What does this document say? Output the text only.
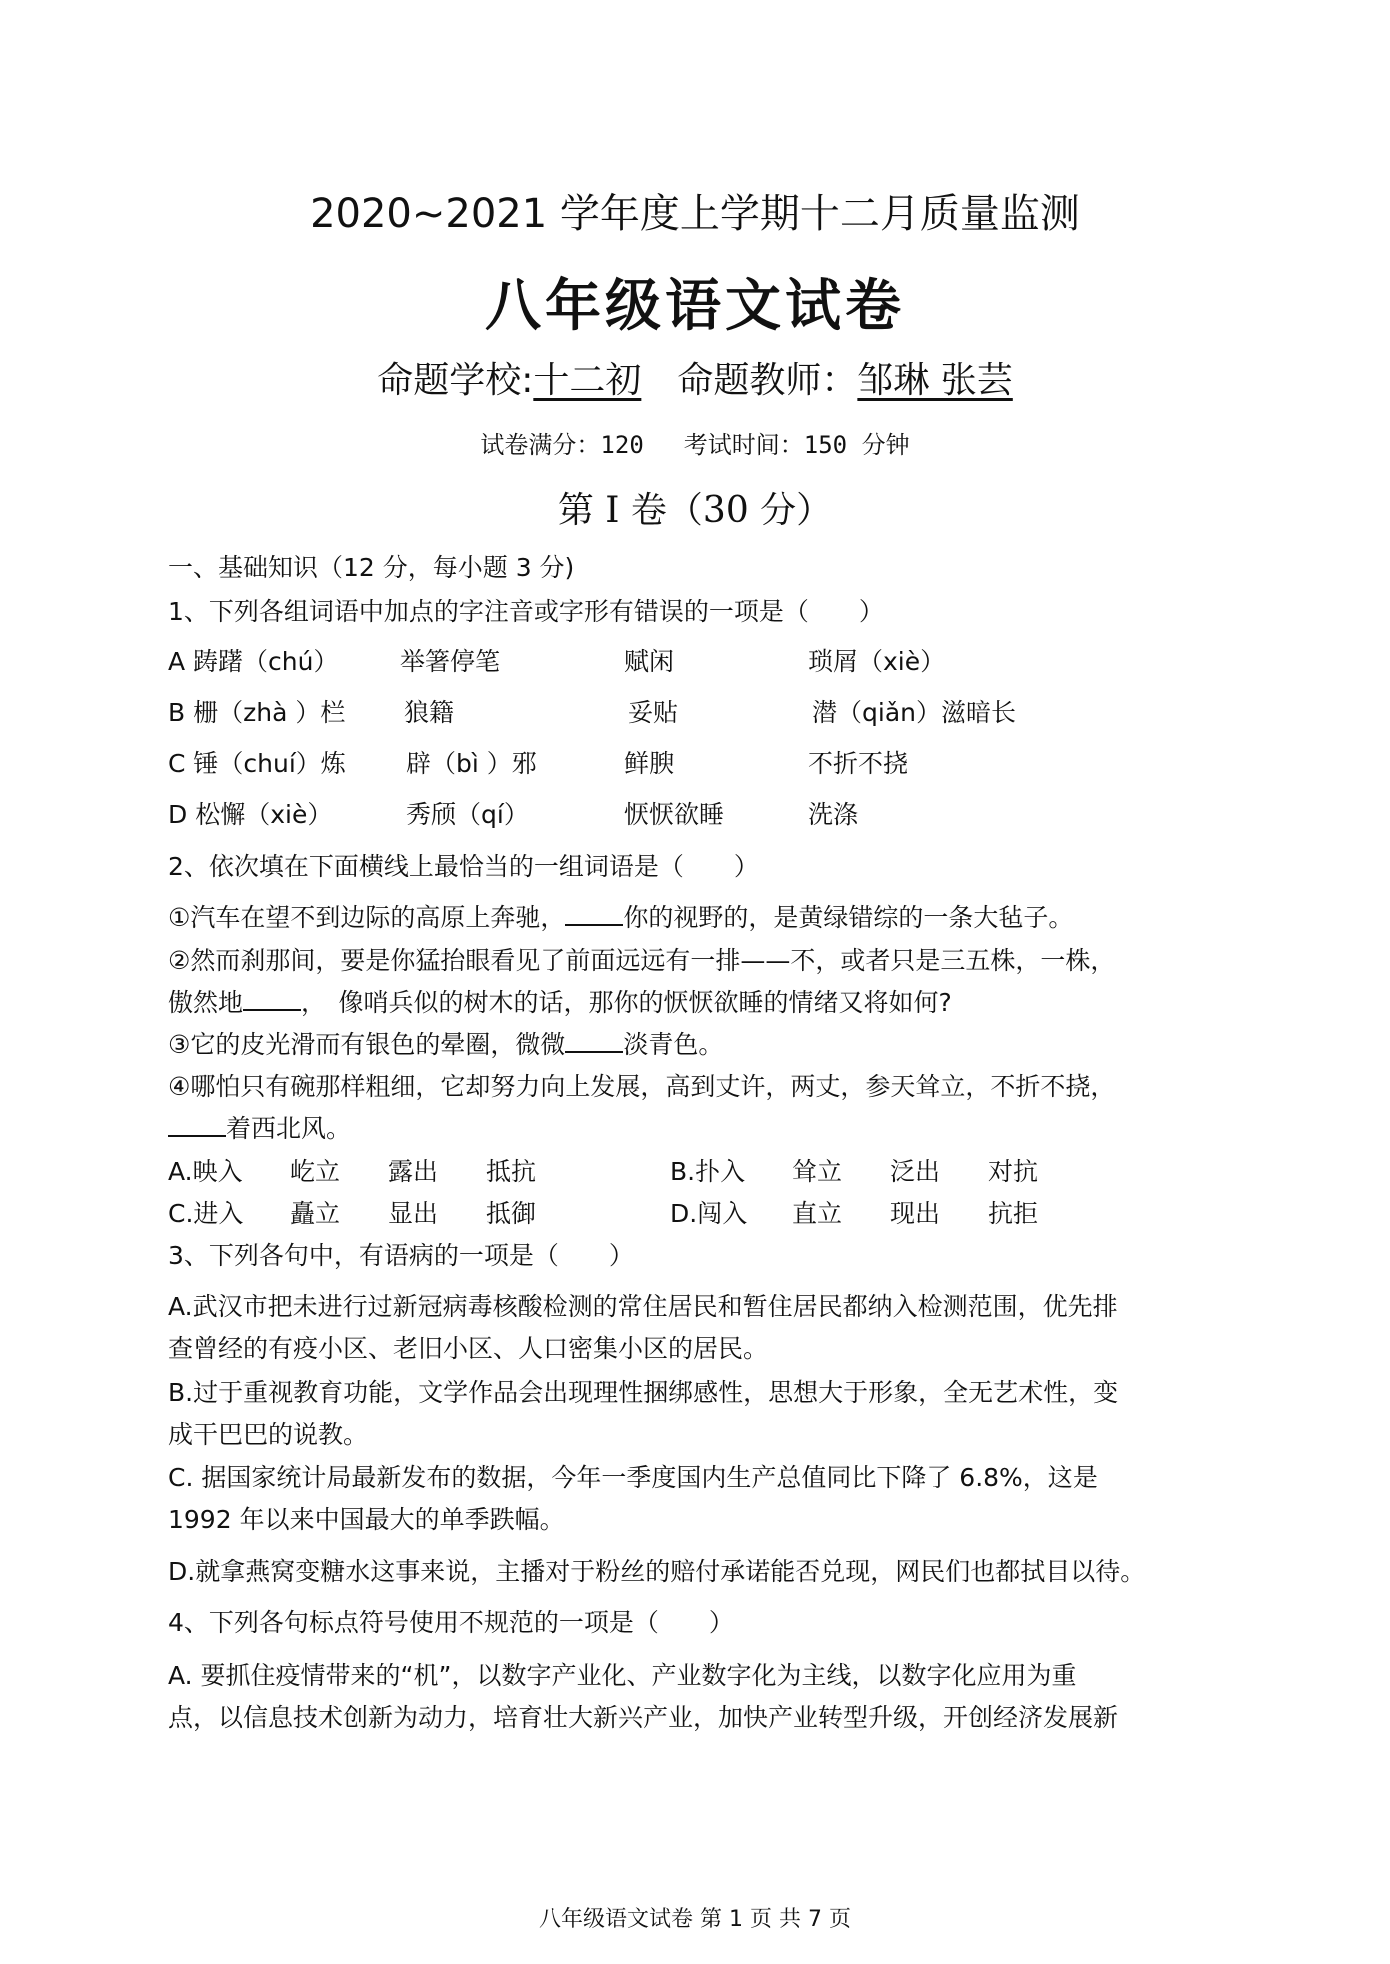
2020~2021 学年度上学期十二月质量监测
八年级语文试卷
命题学校:十二初 命题教师：邹琳 张芸
试卷满分：120 考试时间：150 分钟
第 I 卷（30 分）
一、基础知识（12 分，每小题 3 分)
1、下列各组词语中加点的字注音或字形有错误的一项是（　　）
A 踌躇（chú） 举箸停笔	赋闲	琐屑（xiè）
B 栅（zhà ）栏 狼籍	妥贴	潜（qiǎn）滋暗长
C 锤（chuí）炼 辟（bì ）邪	鲜腴	不折不挠
D 松懈（xiè）	秀颀（qí）	恹恹欲睡	洗涤
2、依次填在下面横线上最恰当的一组词语是（　　）
①汽车在望不到边际的高原上奔驰， 你的视野的，是黄绿错综的一条大毡子。
②然而刹那间，要是你猛抬眼看见了前面远远有一排——不，或者只是三五株，一株，
傲然地 ，　像哨兵似的树木的话，那你的恹恹欲睡的情绪又将如何?
③它的皮光滑而有银色的晕圈，微微 淡青色。
④哪怕只有碗那样粗细，它却努力向上发展，高到丈许，两丈，参天耸立，不折不挠，
着西北风。
A.映入 屹立 露出 抵抗	B.扑入 耸立 泛出 对抗
C.进入 矗立 显出 抵御	D.闯入 直立 现出 抗拒
3、下列各句中，有语病的一项是（　　）
A.武汉市把未进行过新冠病毒核酸检测的常住居民和暂住居民都纳入检测范围，优先排
查曾经的有疫小区、老旧小区、人口密集小区的居民。
B.过于重视教育功能，文学作品会出现理性捆绑感性，思想大于形象，全无艺术性，变
成干巴巴的说教。
C. 据国家统计局最新发布的数据，今年一季度国内生产总值同比下降了 6.8%，这是
1992 年以来中国最大的单季跌幅。
D.就拿燕窝变糖水这事来说，主播对于粉丝的赔付承诺能否兑现，网民们也都拭目以待。
4、下列各句标点符号使用不规范的一项是（　　）
A. 要抓住疫情带来的“机”，以数字产业化、产业数字化为主线，以数字化应用为重
点，以信息技术创新为动力，培育壮大新兴产业，加快产业转型升级，开创经济发展新
八年级语文试卷 第 1 页 共 7 页
